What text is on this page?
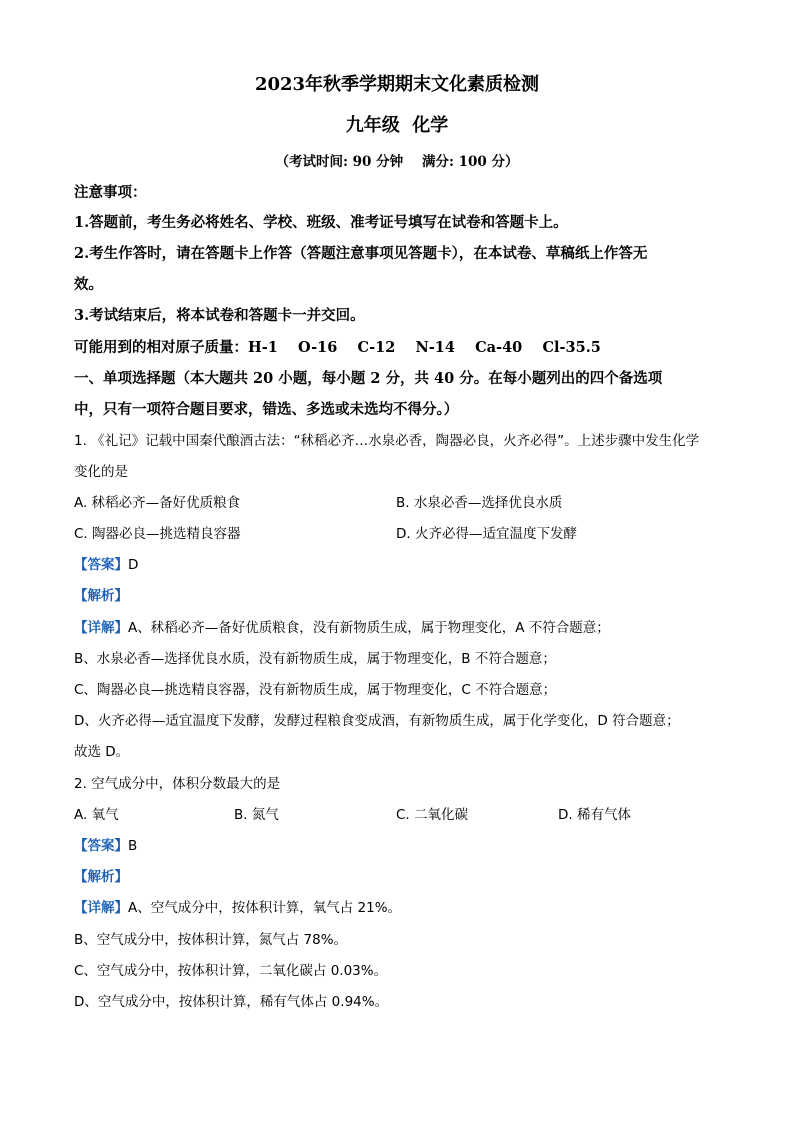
2023年秋季学期期末文化素质检测
九年级  化学
（考试时间: 90 分钟    满分: 100 分）
注意事项：
1.答题前，考生务必将姓名、学校、班级、准考证号填写在试卷和答题卡上。
2.考生作答时，请在答题卡上作答（答题注意事项见答题卡），在本试卷、草稿纸上作答无
效。
3.考试结束后，将本试卷和答题卡一并交回。
可能用到的相对原子质量：H-1    O-16    C-12    N-14    Ca-40    Cl-35.5
一、单项选择题（本大题共 20 小题，每小题 2 分，共 40 分。在每小题列出的四个备选项
中，只有一项符合题目要求，错选、多选或未选均不得分。）
1. 《礼记》记载中国秦代酿酒古法：“秫稻必齐…水泉必香，陶器必良，火齐必得”。上述步骤中发生化学
变化的是
A. 秫稻必齐—备好优质粮食	B. 水泉必香—选择优良水质
C. 陶器必良—挑选精良容器	D. 火齐必得—适宜温度下发酵
【答案】D
【解析】
【详解】A、秫稻必齐—备好优质粮食，没有新物质生成，属于物理变化，A 不符合题意；
B、水泉必香—选择优良水质，没有新物质生成，属于物理变化，B 不符合题意；
C、陶器必良—挑选精良容器，没有新物质生成，属于物理变化，C 不符合题意；
D、火齐必得—适宜温度下发酵，发酵过程粮食变成酒，有新物质生成，属于化学变化，D 符合题意；
故选 D。
2. 空气成分中，体积分数最大的是
A. 氧气	B. 氮气	C. 二氧化碳	D. 稀有气体
【答案】B
【解析】
【详解】A、空气成分中，按体积计算，氧气占 21%。
B、空气成分中，按体积计算，氮气占 78%。
C、空气成分中，按体积计算，二氧化碳占 0.03%。
D、空气成分中，按体积计算，稀有气体占 0.94%。
